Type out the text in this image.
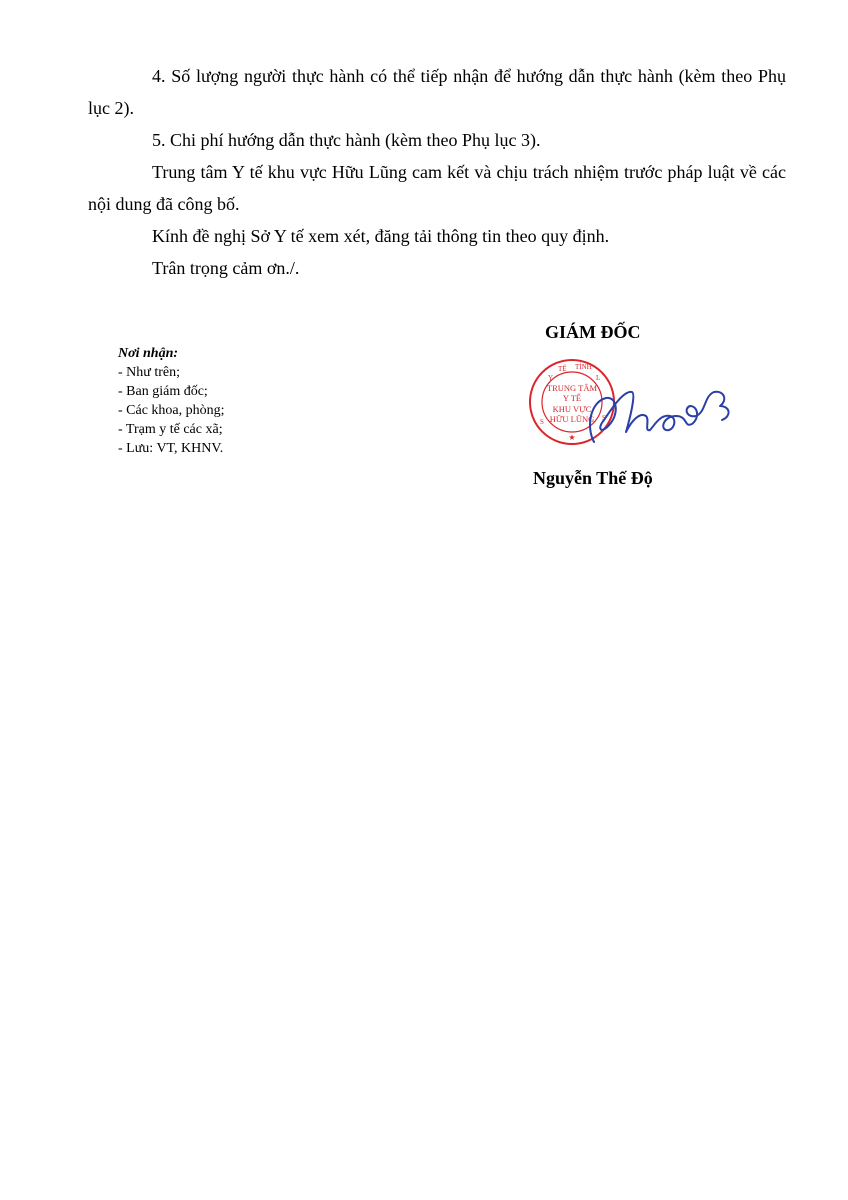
4. Số lượng người thực hành có thể tiếp nhận để hướng dẫn thực hành (kèm theo Phụ lục 2).

5. Chi phí hướng dẫn thực hành (kèm theo Phụ lục 3).

Trung tâm Y tế khu vực Hữu Lũng cam kết và chịu trách nhiệm trước pháp luật về các nội dung đã công bố.

Kính đề nghị Sở Y tế xem xét, đăng tải thông tin theo quy định.

Trân trọng cảm ơn./.

Nơi nhận:
- Như trên;
- Ban giám đốc;
- Các khoa, phòng;
- Trạm y tế các xã;
- Lưu: VT, KHNV.
GIÁM ĐỐC
Y
TẾ TỈNH
L
S
S
TRUNG TÂM
Y TẾ
KHU VỰC
HỮU LŨNG
★
Nguyễn Thế Độ
